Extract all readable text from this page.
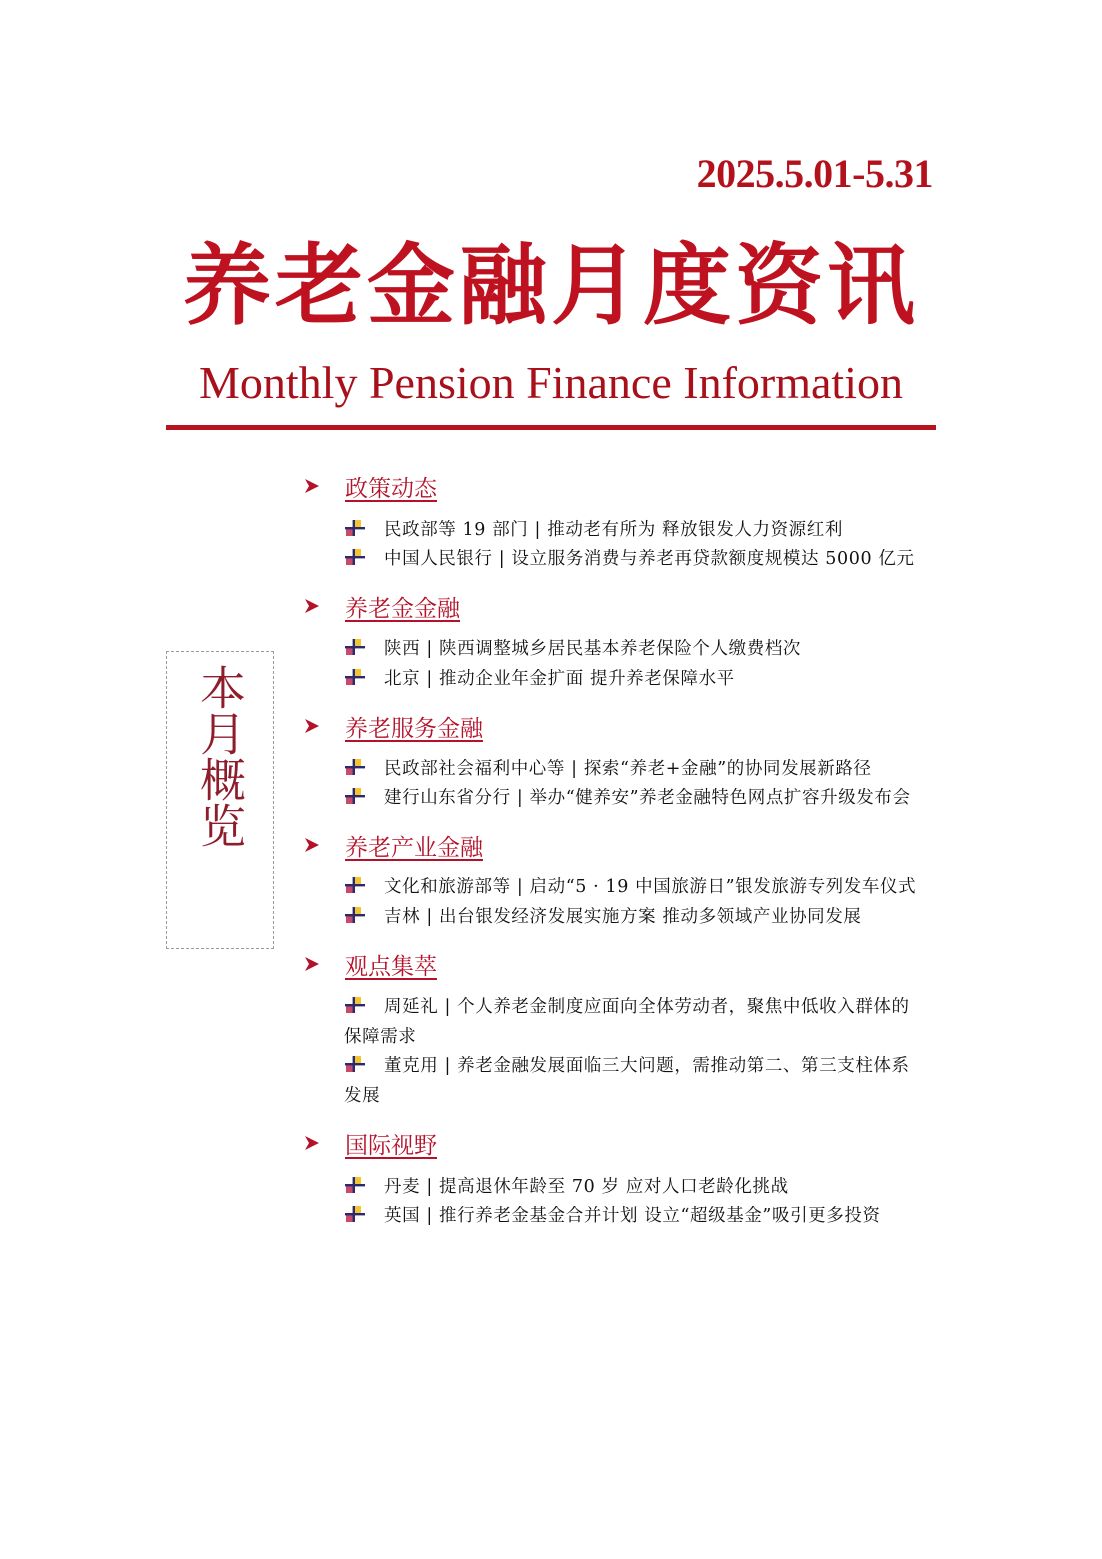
2025.5.01-5.31
养老金融月度资讯
Monthly Pension Finance Information
本月概览
政策动态
民政部等 19 部门 | 推动老有所为 释放银发人力资源红利
中国人民银行 | 设立服务消费与养老再贷款额度规模达 5000 亿元
养老金金融
陕西 | 陕西调整城乡居民基本养老保险个人缴费档次
北京 | 推动企业年金扩面 提升养老保障水平
养老服务金融
民政部社会福利中心等 | 探索“养老+金融”的协同发展新路径
建行山东省分行 | 举办“健养安”养老金融特色网点扩容升级发布会
养老产业金融
文化和旅游部等 | 启动“5 · 19 中国旅游日”银发旅游专列发车仪式
吉林 | 出台银发经济发展实施方案 推动多领域产业协同发展
观点集萃
周延礼 | 个人养老金制度应面向全体劳动者，聚焦中低收入群体的保障需求
董克用 | 养老金融发展面临三大问题，需推动第二、第三支柱体系发展
国际视野
丹麦 | 提高退休年龄至 70 岁 应对人口老龄化挑战
英国 | 推行养老金基金合并计划 设立“超级基金”吸引更多投资
